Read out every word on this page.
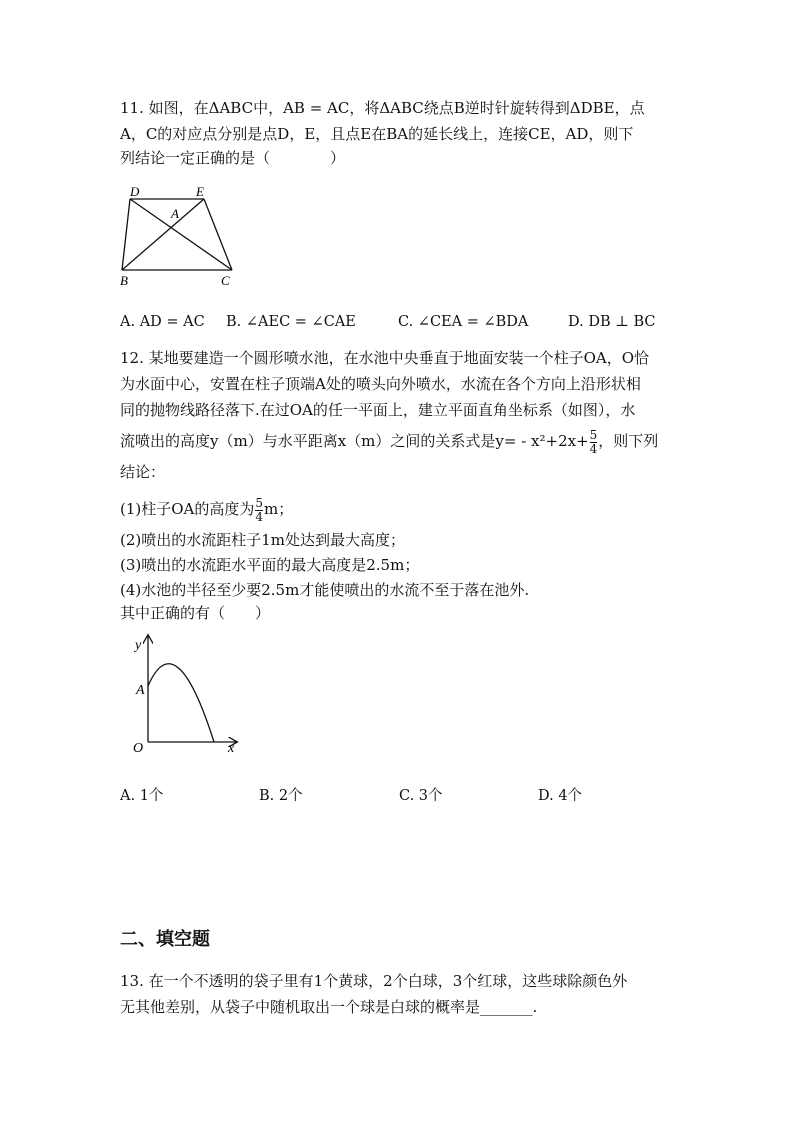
11. 如图，在ΔABC中，AB = AC，将ΔABC绕点B逆时针旋转得到ΔDBE，点
A，C的对应点分别是点D，E，且点E在BA的延长线上，连接CE，AD，则下
列结论一定正确的是（　　　　）
D	E
A
B	C
A. AD = AC B. ∠AEC = ∠CAE	C. ∠CEA = ∠BDA	D. DB ⊥ BC
12. 某地要建造一个圆形喷水池，在水池中央垂直于地面安装一个柱子OA，O恰
为水面中心，安置在柱子顶端A处的喷头向外喷水，水流在各个方向上沿形状相
同的抛物线路径落下.在过OA的任一平面上，建立平面直角坐标系（如图），水
流喷出的高度y（m）与水平距离x（m）之间的关系式是$y= - x^2+2x+ \frac{5}{4}$ ，则下列
结论：
(1)柱子OA的高度为 $\frac{5}{4}$ m；
(2)喷出的水流距柱子1m处达到最大高度；
(3)喷出的水流距水平面的最大高度是2.5m；
(4)水池的半径至少要2.5m才能使喷出的水流不至于落在池外.
其中正确的有（　　）
y
x
O
A
A. 1个	B. 2个	C. 3个	D. 4个
二、填空题
13. 在一个不透明的袋子里有1个黄球，2个白球，3个红球，这些球除颜色外
无其他差别，从袋子中随机取出一个球是白球的概率是_______.
